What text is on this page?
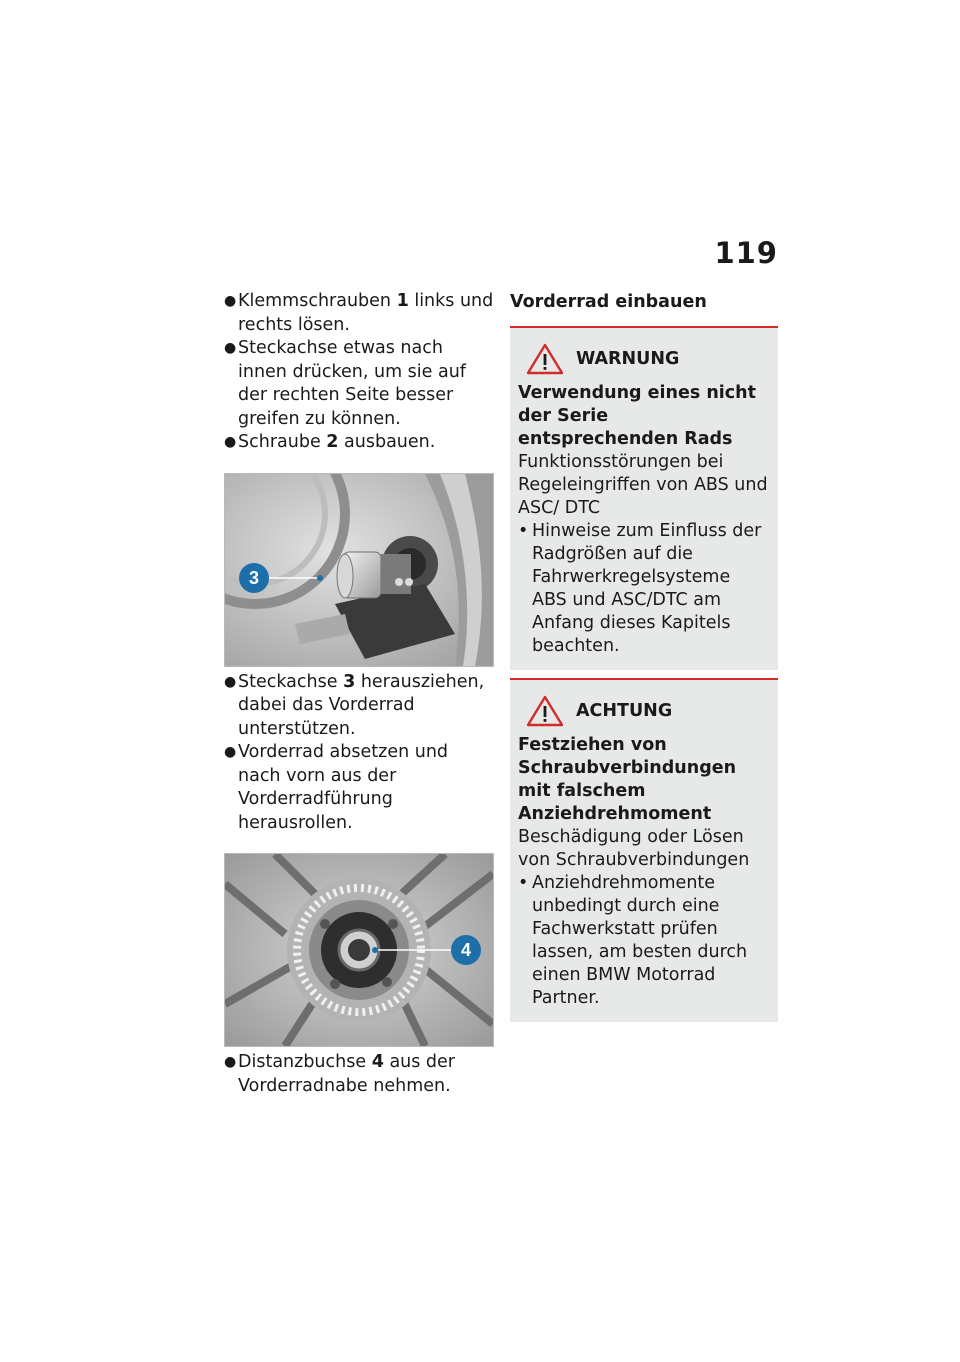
119
● Klemmschrauben 1 links und rechts lösen.
● Steckachse etwas nach innen drücken, um sie auf der rechten Seite besser greifen zu können.
● Schraube 2 ausbauen.
3
● Steckachse 3 herausziehen, dabei das Vorderrad unterstützen.
● Vorderrad absetzen und nach vorn aus der Vorderradführung herausrollen.
4
● Distanzbuchse 4 aus der Vorderradnabe nehmen.
Vorderrad einbauen
WARNUNG
Verwendung eines nicht der Serie entsprechenden Rads
Funktionsstörungen bei Regeleingriffen von ABS und ASC/ DTC
• Hinweise zum Einfluss der Radgrößen auf die Fahrwerkregelsysteme ABS und ASC/DTC am Anfang dieses Kapitels beachten.
ACHTUNG
Festziehen von Schraubverbindungen mit falschem Anziehdrehmoment
Beschädigung oder Lösen von Schraubverbindungen
• Anziehdrehmomente unbedingt durch eine Fachwerkstatt prüfen lassen, am besten durch einen BMW Motorrad Partner.
